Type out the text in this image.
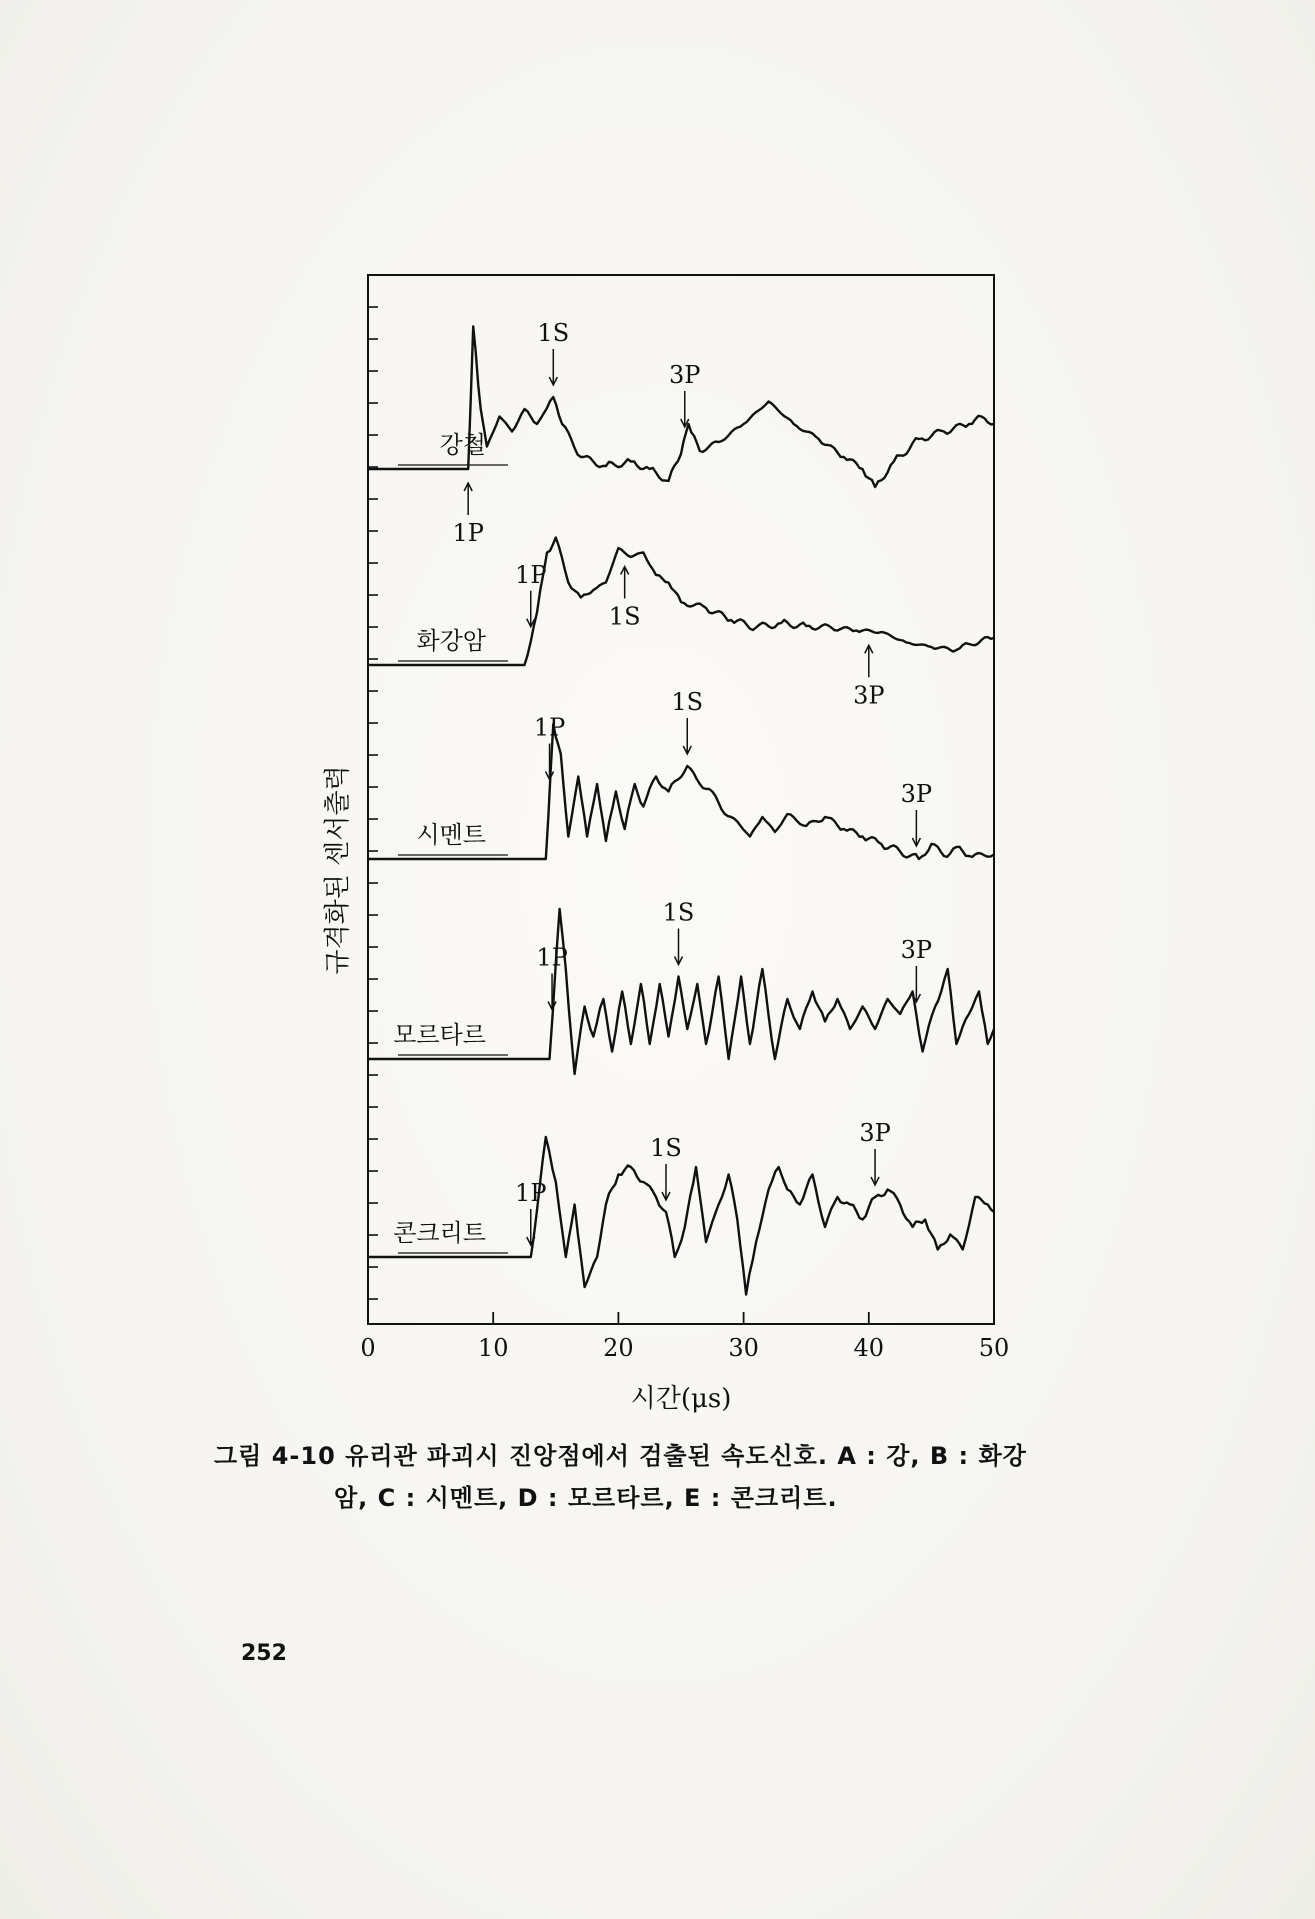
0	10	20	30	40	50
시간(μs)
규격화된 센서출력
강철
1P
1S
3P
화강암
1P
1S
3P
시멘트
1P
1S
3P
모르타르
1P
1S
3P
콘크리트
1P
1S
3P
그림 4-10 유리관 파괴시 진앙점에서 검출된 속도신호. A : 강, B : 화강
암, C : 시멘트, D : 모르타르, E : 콘크리트.
252
